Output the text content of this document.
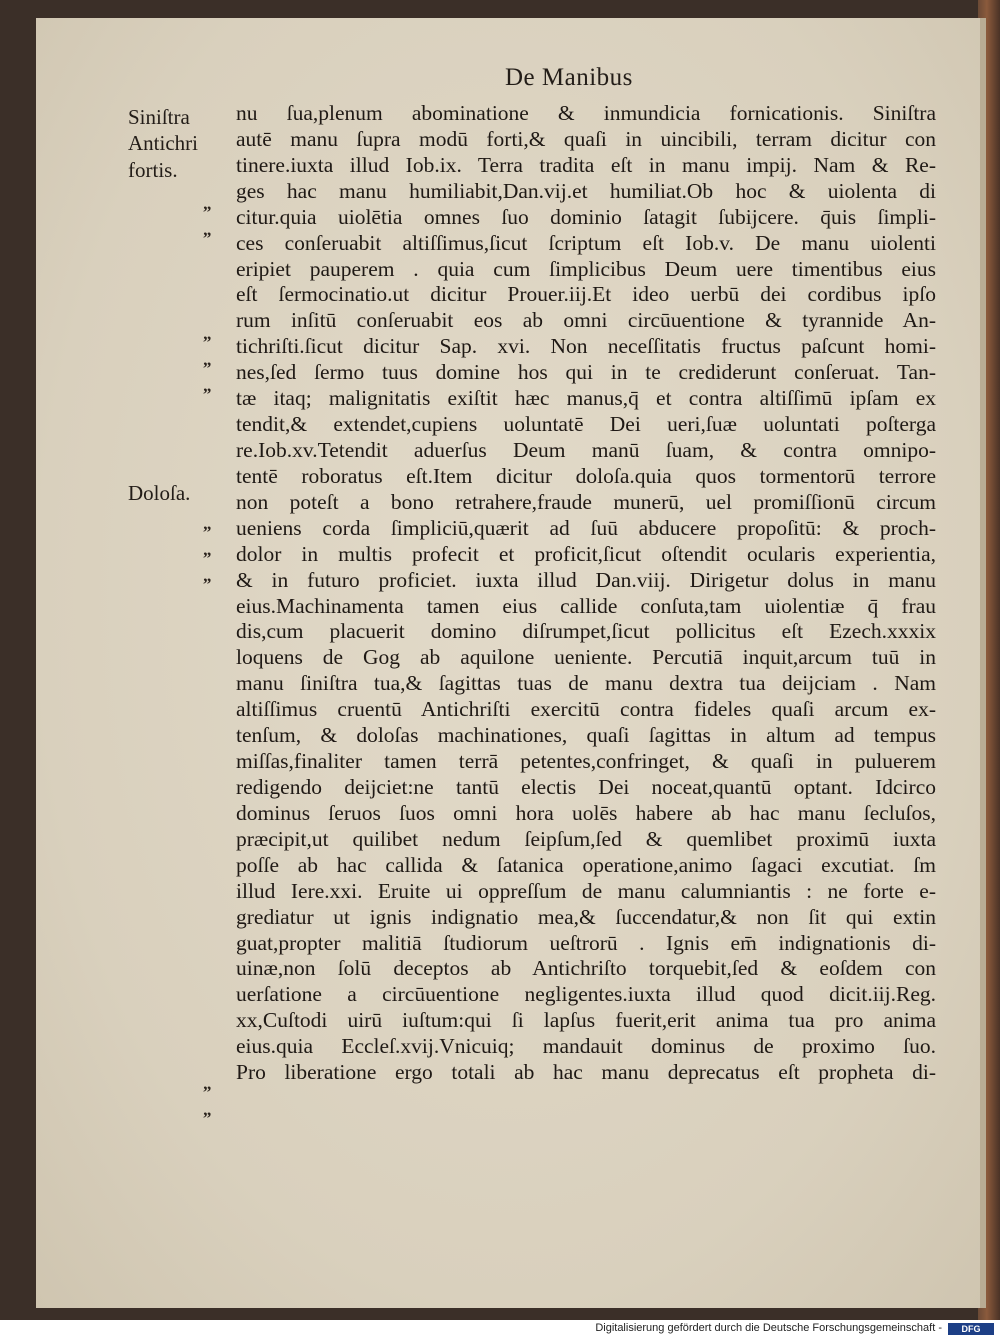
De Manibus
Siniſtra
Antichri
fortis.
Doloſa.
„
„
„
„
„
„
„
„
„
„
nu ſua,plenum abominatione & inmundicia fornicationis. Siniſtra
autē manu ſupra modū forti,& quaſi in uincibili, terram dicitur con
tinere.iuxta illud Iob.ix. Terra tradita eſt in manu impij. Nam & Re-
ges hac manu humiliabit,Dan.vij.et humiliat.Ob hoc & uiolenta di
citur.quia uiolētia omnes ſuo dominio ſatagit ſubijcere. q̄uis ſimpli-
ces conſeruabit altiſſimus,ſicut ſcriptum eſt Iob.v. De manu uiolenti
eripiet pauperem . quia cum ſimplicibus Deum uere timentibus eius
eſt ſermocinatio.ut dicitur Prouer.iij.Et ideo uerbū dei cordibus ipſo
rum inſitū conſeruabit eos ab omni circūuentione & tyrannide An-
tichriſti.ſicut dicitur Sap. xvi. Non neceſſitatis fructus paſcunt homi-
nes,ſed ſermo tuus domine hos qui in te crediderunt conſeruat. Tan-
tæ itaq; malignitatis exiſtit hæc manus,q̄ et contra altiſſimū ipſam ex
tendit,& extendet,cupiens uoluntatē Dei ueri,ſuæ uoluntati poſterga
re.Iob.xv.Tetendit aduerſus Deum manū ſuam, & contra omnipo-
tentē roboratus eſt.Item dicitur doloſa.quia quos tormentorū terrore
non poteſt a bono retrahere,fraude munerū, uel promiſſionū circum
ueniens corda ſimpliciū,quærit ad ſuū abducere propoſitū: & proch-
dolor in multis profecit et proficit,ſicut oſtendit ocularis experientia,
& in futuro proficiet. iuxta illud Dan.viij. Dirigetur dolus in manu
eius.Machinamenta tamen eius callide conſuta,tam uiolentiæ q̄ frau
dis,cum placuerit domino diſrumpet,ſicut pollicitus eſt Ezech.xxxix
loquens de Gog ab aquilone ueniente. Percutiā inquit,arcum tuū in
manu ſiniſtra tua,& ſagittas tuas de manu dextra tua deijciam . Nam
altiſſimus cruentū Antichriſti exercitū contra fideles quaſi arcum ex-
tenſum, & doloſas machinationes, quaſi ſagittas in altum ad tempus
miſſas,finaliter tamen terrā petentes,confringet, & quaſi in puluerem
redigendo deijciet:ne tantū electis Dei noceat,quantū optant. Idcirco
dominus ſeruos ſuos omni hora uolēs habere ab hac manu ſecluſos,
præcipit,ut quilibet nedum ſeipſum,ſed & quemlibet proximū iuxta
poſſe ab hac callida & ſatanica operatione,animo ſagaci excutiat. ſm
illud Iere.xxi. Eruite ui oppreſſum de manu calumniantis : ne forte e-
grediatur ut ignis indignatio mea,& ſuccendatur,& non ſit qui extin
guat,propter malitiā ſtudiorum ueſtrorū . Ignis em̄ indignationis di-
uinæ,non ſolū deceptos ab Antichriſto torquebit,ſed & eoſdem con
uerſatione a circūuentione negligentes.iuxta illud quod dicit.iij.Reg.
xx,Cuſtodi uirū iuſtum:qui ſi lapſus fuerit,erit anima tua pro anima
eius.quia Eccleſ.xvij.Vnicuiq; mandauit dominus de proximo ſuo.
Pro liberatione ergo totali ab hac manu deprecatus eſt propheta di-
Digitalisierung gefördert durch die Deutsche Forschungsgemeinschaft -	DFG
